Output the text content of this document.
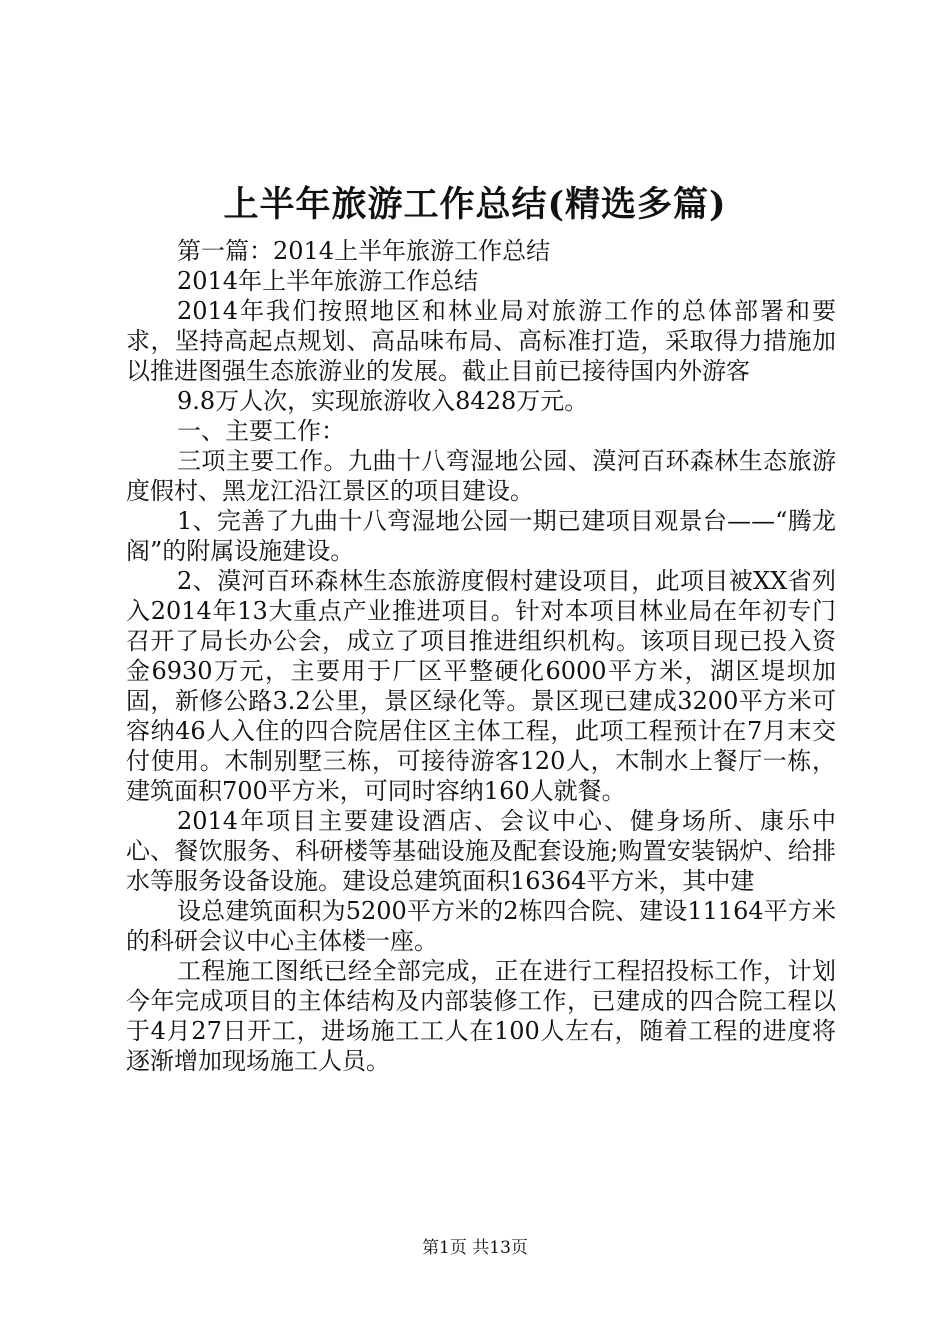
上半年旅游工作总结(精选多篇)

第一篇：2014上半年旅游工作总结

2014年上半年旅游工作总结

2014年我们按照地区和林业局对旅游工作的总体部署和要求，坚持高起点规划、高品味布局、高标准打造，采取得力措施加以推进图强生态旅游业的发展。截止目前已接待国内外游客

9.8万人次，实现旅游收入8428万元。

一、主要工作：

三项主要工作。九曲十八弯湿地公园、漠河百环森林生态旅游度假村、黑龙江沿江景区的项目建设。

1、完善了九曲十八弯湿地公园一期已建项目观景台——“腾龙阁”的附属设施建设。

2、漠河百环森林生态旅游度假村建设项目，此项目被XX省列入2014年13大重点产业推进项目。针对本项目林业局在年初专门召开了局长办公会，成立了项目推进组织机构。该项目现已投入资金6930万元，主要用于厂区平整硬化6000平方米，湖区堤坝加固，新修公路3.2公里，景区绿化等。景区现已建成3200平方米可容纳46人入住的四合院居住区主体工程，此项工程预计在7月末交付使用。木制别墅三栋，可接待游客120人，木制水上餐厅一栋，建筑面积700平方米，可同时容纳160人就餐。

2014年项目主要建设酒店、会议中心、健身场所、康乐中心、餐饮服务、科研楼等基础设施及配套设施;购置安装锅炉、给排水等服务设备设施。建设总建筑面积16364平方米，其中建

设总建筑面积为5200平方米的2栋四合院、建设11164平方米的科研会议中心主体楼一座。

工程施工图纸已经全部完成，正在进行工程招投标工作，计划今年完成项目的主体结构及内部装修工作，已建成的四合院工程以于4月27日开工，进场施工工人在100人左右，随着工程的进度将逐渐增加现场施工人员。

第1页 共13页
